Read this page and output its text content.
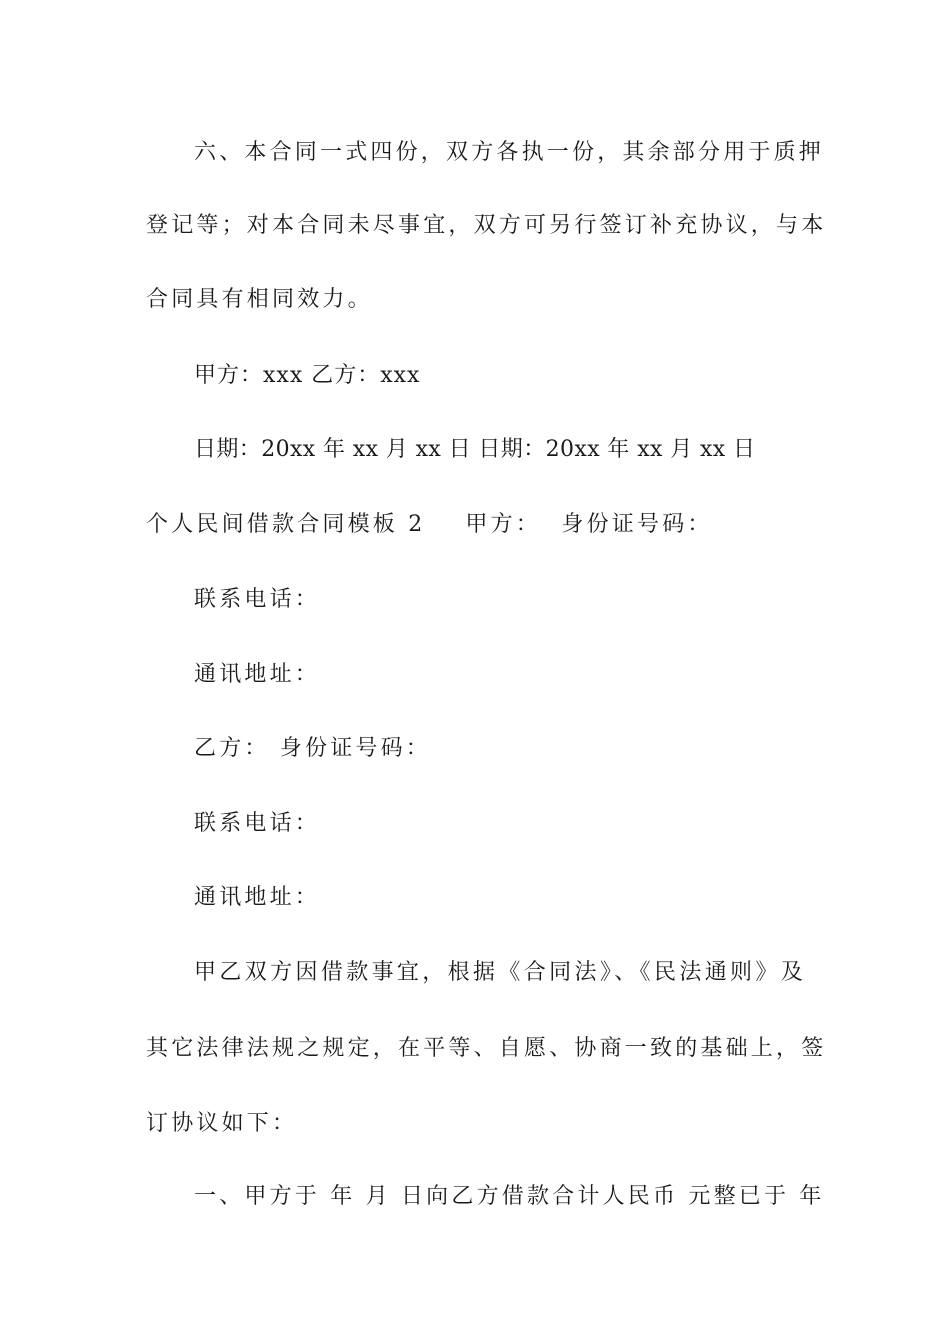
六、本合同一式四份，双方各执一份，其余部分用于质押
登记等；对本合同未尽事宜，双方可另行签订补充协议，与本
合同具有相同效力。
甲方：xxx 乙方：xxx
日期：20xx 年 xx 月 xx 日 日期：20xx 年 xx 月 xx 日
个人民间借款合同模板 2 甲方： 身份证号码：
联系电话：
通讯地址：
乙方： 身份证号码：
联系电话：
通讯地址：
甲乙双方因借款事宜，根据《合同法》、《民法通则》及
其它法律法规之规定，在平等、自愿、协商一致的基础上，签
订协议如下：
一、甲方于 年 月 日向乙方借款合计人民币 元整已于 年
